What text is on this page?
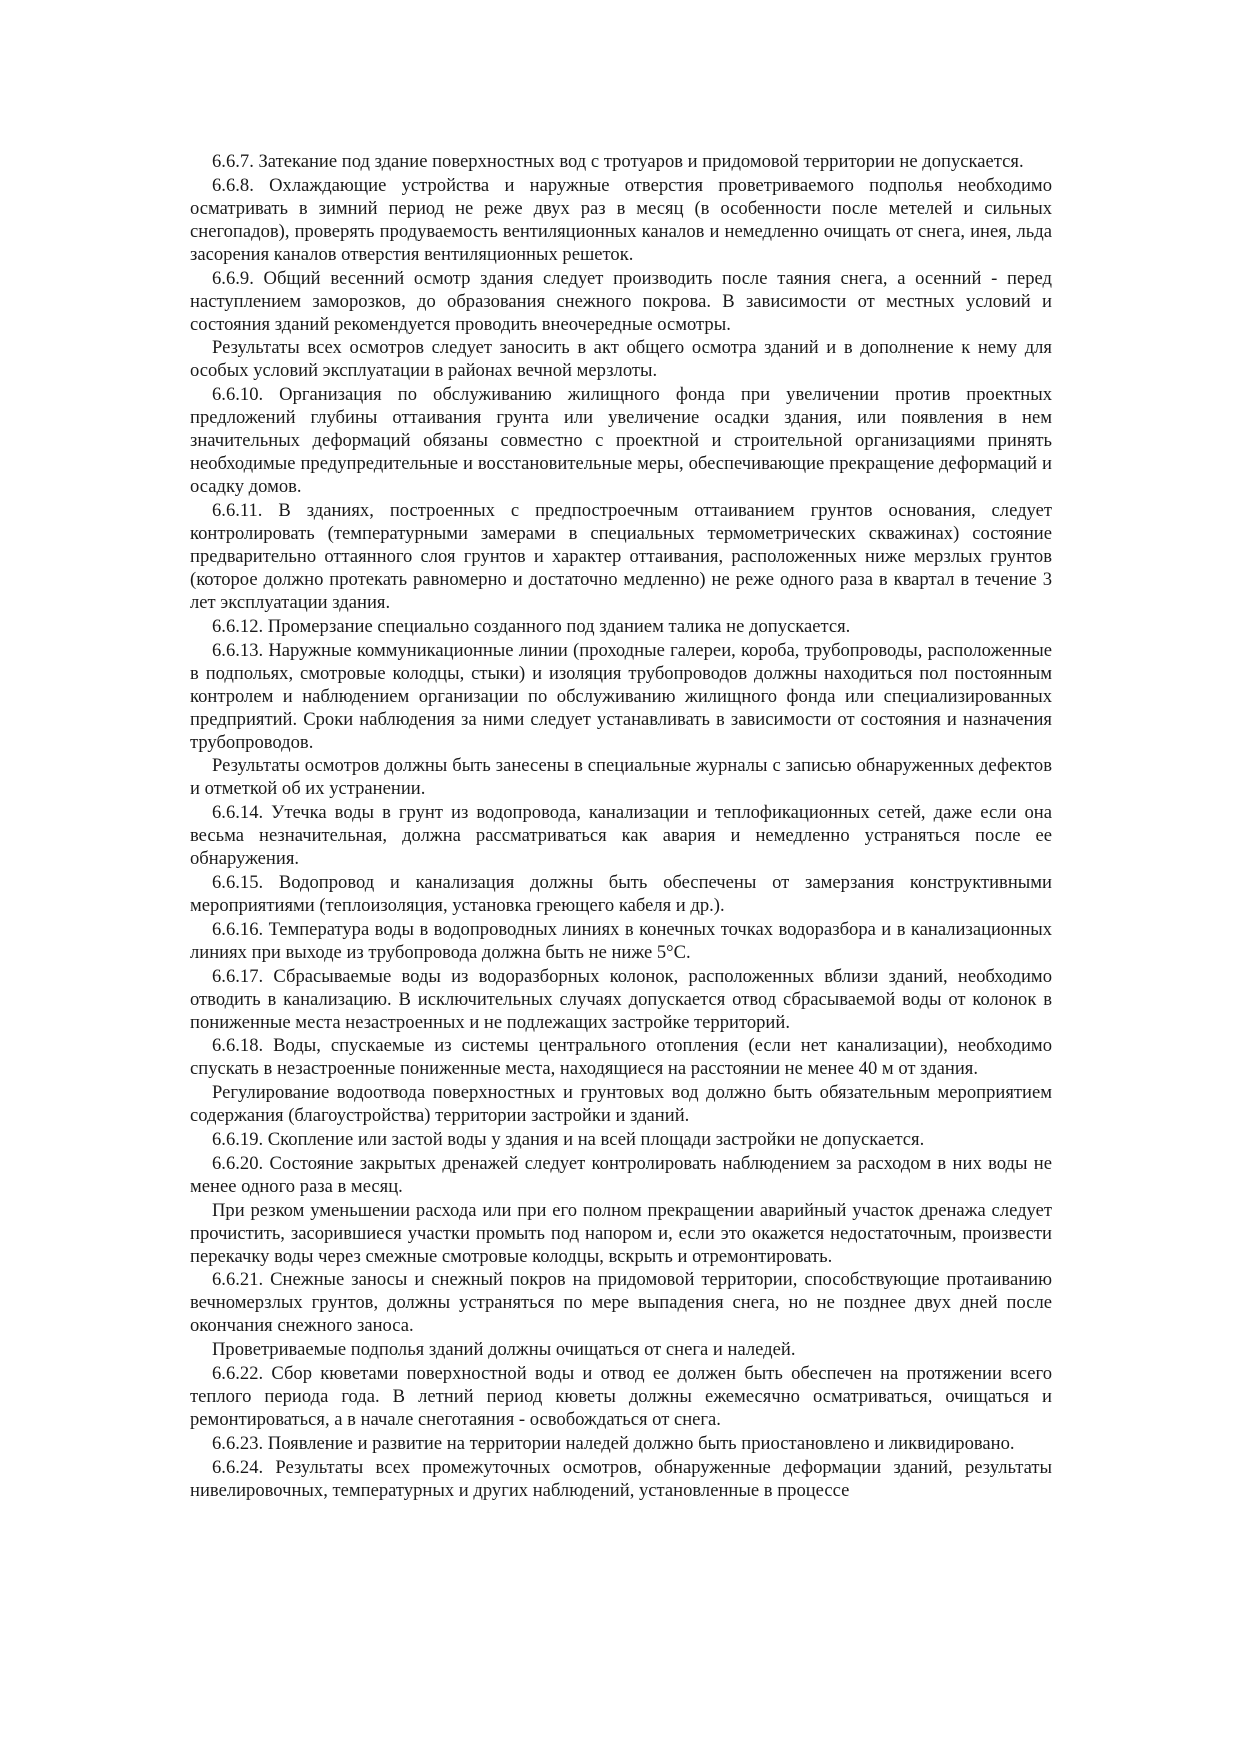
6.6.7. Затекание под здание поверхностных вод с тротуаров и придомовой территории не допускается.

6.6.8. Охлаждающие устройства и наружные отверстия проветриваемого подполья необходимо осматривать в зимний период не реже двух раз в месяц (в особенности после метелей и сильных снегопадов), проверять продуваемость вентиляционных каналов и немедленно очищать от снега, инея, льда засорения каналов отверстия вентиляционных решеток.

6.6.9. Общий весенний осмотр здания следует производить после таяния снега, а осенний - перед наступлением заморозков, до образования снежного покрова. В зависимости от местных условий и состояния зданий рекомендуется проводить внеочередные осмотры.

Результаты всех осмотров следует заносить в акт общего осмотра зданий и в дополнение к нему для особых условий эксплуатации в районах вечной мерзлоты.

6.6.10. Организация по обслуживанию жилищного фонда при увеличении против проектных предложений глубины оттаивания грунта или увеличение осадки здания, или появления в нем значительных деформаций обязаны совместно с проектной и строительной организациями принять необходимые предупредительные и восстановительные меры, обеспечивающие прекращение деформаций и осадку домов.

6.6.11. В зданиях, построенных с предпостроечным оттаиванием грунтов основания, следует контролировать (температурными замерами в специальных термометрических скважинах) состояние предварительно оттаянного слоя грунтов и характер оттаивания, расположенных ниже мерзлых грунтов (которое должно протекать равномерно и достаточно медленно) не реже одного раза в квартал в течение 3 лет эксплуатации здания.

6.6.12. Промерзание специально созданного под зданием талика не допускается.

6.6.13. Наружные коммуникационные линии (проходные галереи, короба, трубопроводы, расположенные в подпольях, смотровые колодцы, стыки) и изоляция трубопроводов должны находиться пол постоянным контролем и наблюдением организации по обслуживанию жилищного фонда или специализированных предприятий. Сроки наблюдения за ними следует устанавливать в зависимости от состояния и назначения трубопроводов.

Результаты осмотров должны быть занесены в специальные журналы с записью обнаруженных дефектов и отметкой об их устранении.

6.6.14. Утечка воды в грунт из водопровода, канализации и теплофикационных сетей, даже если она весьма незначительная, должна рассматриваться как авария и немедленно устраняться после ее обнаружения.

6.6.15. Водопровод и канализация должны быть обеспечены от замерзания конструктивными мероприятиями (теплоизоляция, установка греющего кабеля и др.).

6.6.16. Температура воды в водопроводных линиях в конечных точках водоразбора и в канализационных линиях при выходе из трубопровода должна быть не ниже 5°С.

6.6.17. Сбрасываемые воды из водоразборных колонок, расположенных вблизи зданий, необходимо отводить в канализацию. В исключительных случаях допускается отвод сбрасываемой воды от колонок в пониженные места незастроенных и не подлежащих застройке территорий.

6.6.18. Воды, спускаемые из системы центрального отопления (если нет канализации), необходимо спускать в незастроенные пониженные места, находящиеся на расстоянии не менее 40 м от здания.

Регулирование водоотвода поверхностных и грунтовых вод должно быть обязательным мероприятием содержания (благоустройства) территории застройки и зданий.

6.6.19. Скопление или застой воды у здания и на всей площади застройки не допускается.

6.6.20. Состояние закрытых дренажей следует контролировать наблюдением за расходом в них воды не менее одного раза в месяц.

При резком уменьшении расхода или при его полном прекращении аварийный участок дренажа следует прочистить, засорившиеся участки промыть под напором и, если это окажется недостаточным, произвести перекачку воды через смежные смотровые колодцы, вскрыть и отремонтировать.

6.6.21. Снежные заносы и снежный покров на придомовой территории, способствующие протаиванию вечномерзлых грунтов, должны устраняться по мере выпадения снега, но не позднее двух дней после окончания снежного заноса.

Проветриваемые подполья зданий должны очищаться от снега и наледей.

6.6.22. Сбор кюветами поверхностной воды и отвод ее должен быть обеспечен на протяжении всего теплого периода года. В летний период кюветы должны ежемесячно осматриваться, очищаться и ремонтироваться, а в начале снеготаяния - освобождаться от снега.

6.6.23. Появление и развитие на территории наледей должно быть приостановлено и ликвидировано.

6.6.24. Результаты всех промежуточных осмотров, обнаруженные деформации зданий, результаты нивелировочных, температурных и других наблюдений, установленные в процессе
